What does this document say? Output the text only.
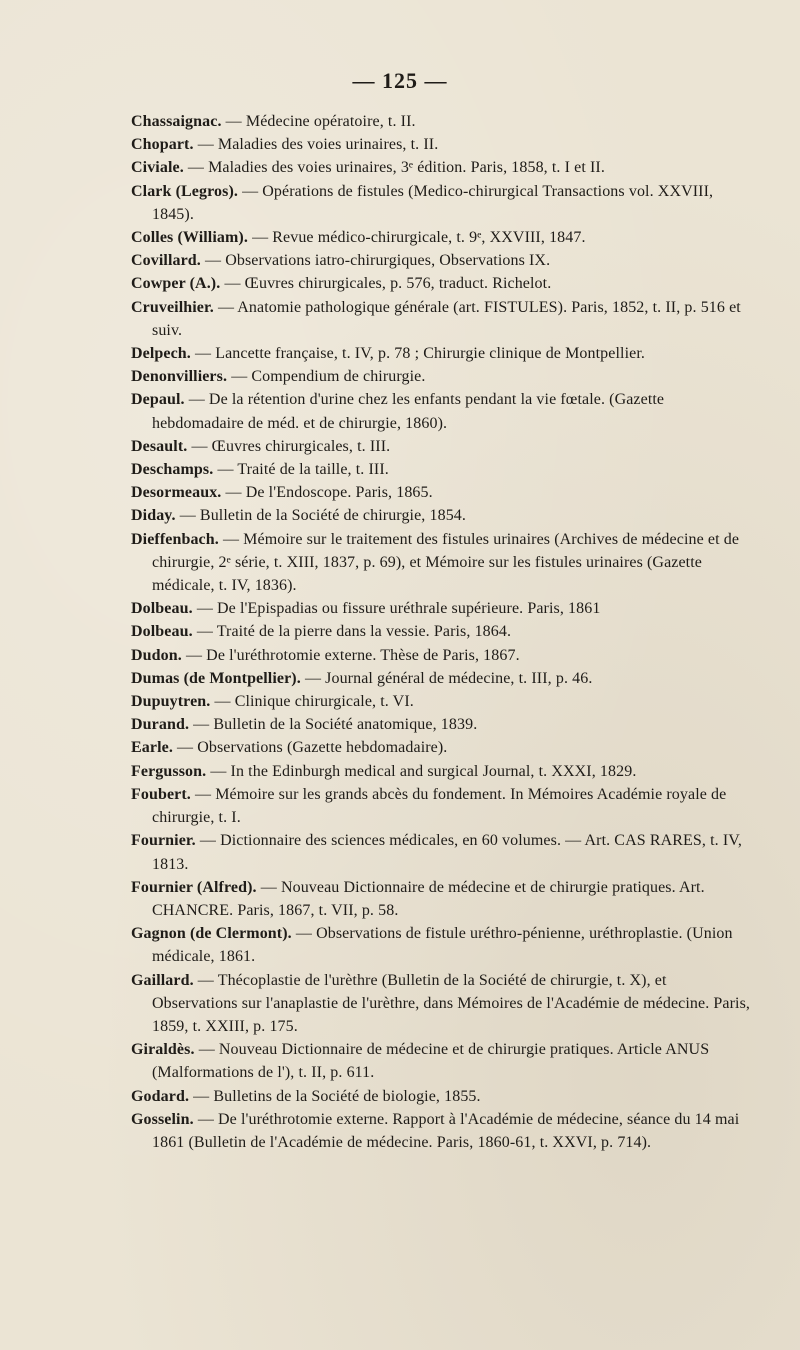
— 125 —
Chassaignac. — Médecine opératoire, t. II.
Chopart. — Maladies des voies urinaires, t. II.
Civiale. — Maladies des voies urinaires, 3ᵉ édition. Paris, 1858, t. I et II.
Clark (Legros). — Opérations de fistules (Medico-chirurgical Transactions vol. XXVIII, 1845).
Colles (William). — Revue médico-chirurgicale, t. 9ᵉ, XXVIII, 1847.
Covillard. — Observations iatro-chirurgiques, Observations IX.
Cowper (A.). — Œuvres chirurgicales, p. 576, traduct. Richelot.
Cruveilhier. — Anatomie pathologique générale (art. FISTULES). Paris, 1852, t. II, p. 516 et suiv.
Delpech. — Lancette française, t. IV, p. 78 ; Chirurgie clinique de Montpellier.
Denonvilliers. — Compendium de chirurgie.
Depaul. — De la rétention d'urine chez les enfants pendant la vie fœtale. (Gazette hebdomadaire de méd. et de chirurgie, 1860).
Desault. — Œuvres chirurgicales, t. III.
Deschamps. — Traité de la taille, t. III.
Desormeaux. — De l'Endoscope. Paris, 1865.
Diday. — Bulletin de la Société de chirurgie, 1854.
Dieffenbach. — Mémoire sur le traitement des fistules urinaires (Archives de médecine et de chirurgie, 2ᵉ série, t. XIII, 1837, p. 69), et Mémoire sur les fistules urinaires (Gazette médicale, t. IV, 1836).
Dolbeau. — De l'Epispadias ou fissure uréthrale supérieure. Paris, 1861
Dolbeau. — Traité de la pierre dans la vessie. Paris, 1864.
Dudon. — De l'uréthrotomie externe. Thèse de Paris, 1867.
Dumas (de Montpellier). — Journal général de médecine, t. III, p. 46.
Dupuytren. — Clinique chirurgicale, t. VI.
Durand. — Bulletin de la Société anatomique, 1839.
Earle. — Observations (Gazette hebdomadaire).
Fergusson. — In the Edinburgh medical and surgical Journal, t. XXXI, 1829.
Foubert. — Mémoire sur les grands abcès du fondement. In Mémoires Académie royale de chirurgie, t. I.
Fournier. — Dictionnaire des sciences médicales, en 60 volumes. — Art. CAS RARES, t. IV, 1813.
Fournier (Alfred). — Nouveau Dictionnaire de médecine et de chirurgie pratiques. Art. CHANCRE. Paris, 1867, t. VII, p. 58.
Gagnon (de Clermont). — Observations de fistule uréthro-pénienne, uréthroplastie. (Union médicale, 1861.
Gaillard. — Thécoplastie de l'urèthre (Bulletin de la Société de chirurgie, t. X), et Observations sur l'anaplastie de l'urèthre, dans Mémoires de l'Académie de médecine. Paris, 1859, t. XXIII, p. 175.
Giraldès. — Nouveau Dictionnaire de médecine et de chirurgie pratiques. Article ANUS (Malformations de l'), t. II, p. 611.
Godard. — Bulletins de la Société de biologie, 1855.
Gosselin. — De l'uréthrotomie externe. Rapport à l'Académie de médecine, séance du 14 mai 1861 (Bulletin de l'Académie de médecine. Paris, 1860-61, t. XXVI, p. 714).
